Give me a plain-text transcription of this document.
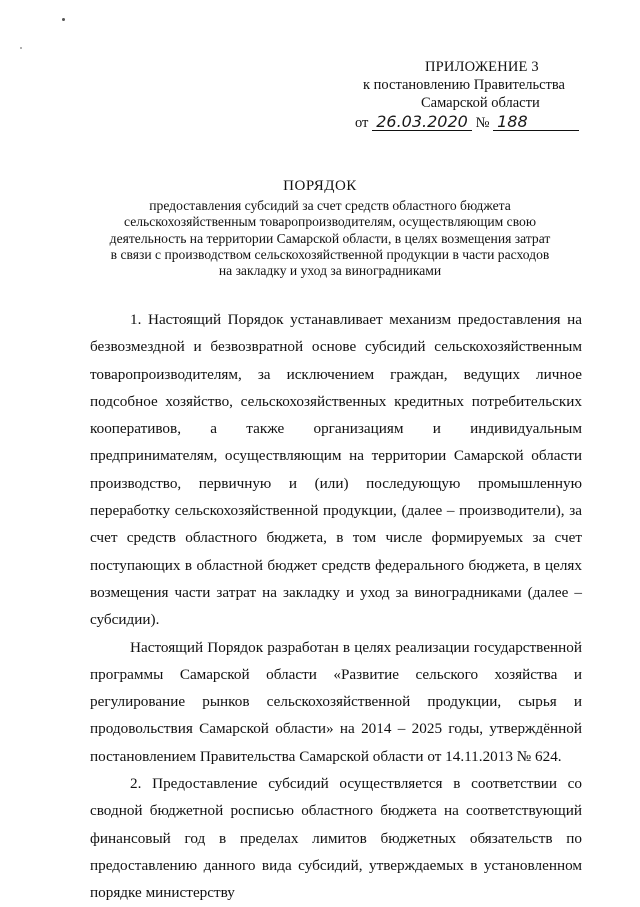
ПРИЛОЖЕНИЕ 3
к постановлению Правительства
Самарской области
от 26.03.2020 № 188
ПОРЯДОК
предоставления субсидий за счет средств областного бюджета
сельскохозяйственным товаропроизводителям, осуществляющим свою
деятельность на территории Самарской области, в целях возмещения затрат
в связи с производством сельскохозяйственной продукции в части расходов
на закладку и уход за виноградниками

1. Настоящий Порядок устанавливает механизм предоставления на безвозмездной и безвозвратной основе субсидий сельскохозяйственным товаропроизводителям, за исключением граждан, ведущих личное подсобное хозяйство, сельскохозяйственных кредитных потребительских кооперативов, а также организациям и индивидуальным предпринимателям, осуществляющим на территории Самарской области производство, первичную и (или) последующую промышленную переработку сельскохозяйственной продукции, (далее – производители), за счет средств областного бюджета, в том числе формируемых за счет поступающих в областной бюджет средств федерального бюджета, в целях возмещения части затрат на закладку и уход за виноградниками (далее – субсидии).

Настоящий Порядок разработан в целях реализации государственной программы Самарской области «Развитие сельского хозяйства и регулирование рынков сельскохозяйственной продукции, сырья и продовольствия Самарской области» на 2014 – 2025 годы, утверждённой постановлением Правительства Самарской области от 14.11.2013 № 624.

2. Предоставление субсидий осуществляется в соответствии со сводной бюджетной росписью областного бюджета на соответствующий финансовый год в пределах лимитов бюджетных обязательств по предоставлению данного вида субсидий, утверждаемых в установленном порядке министерству
